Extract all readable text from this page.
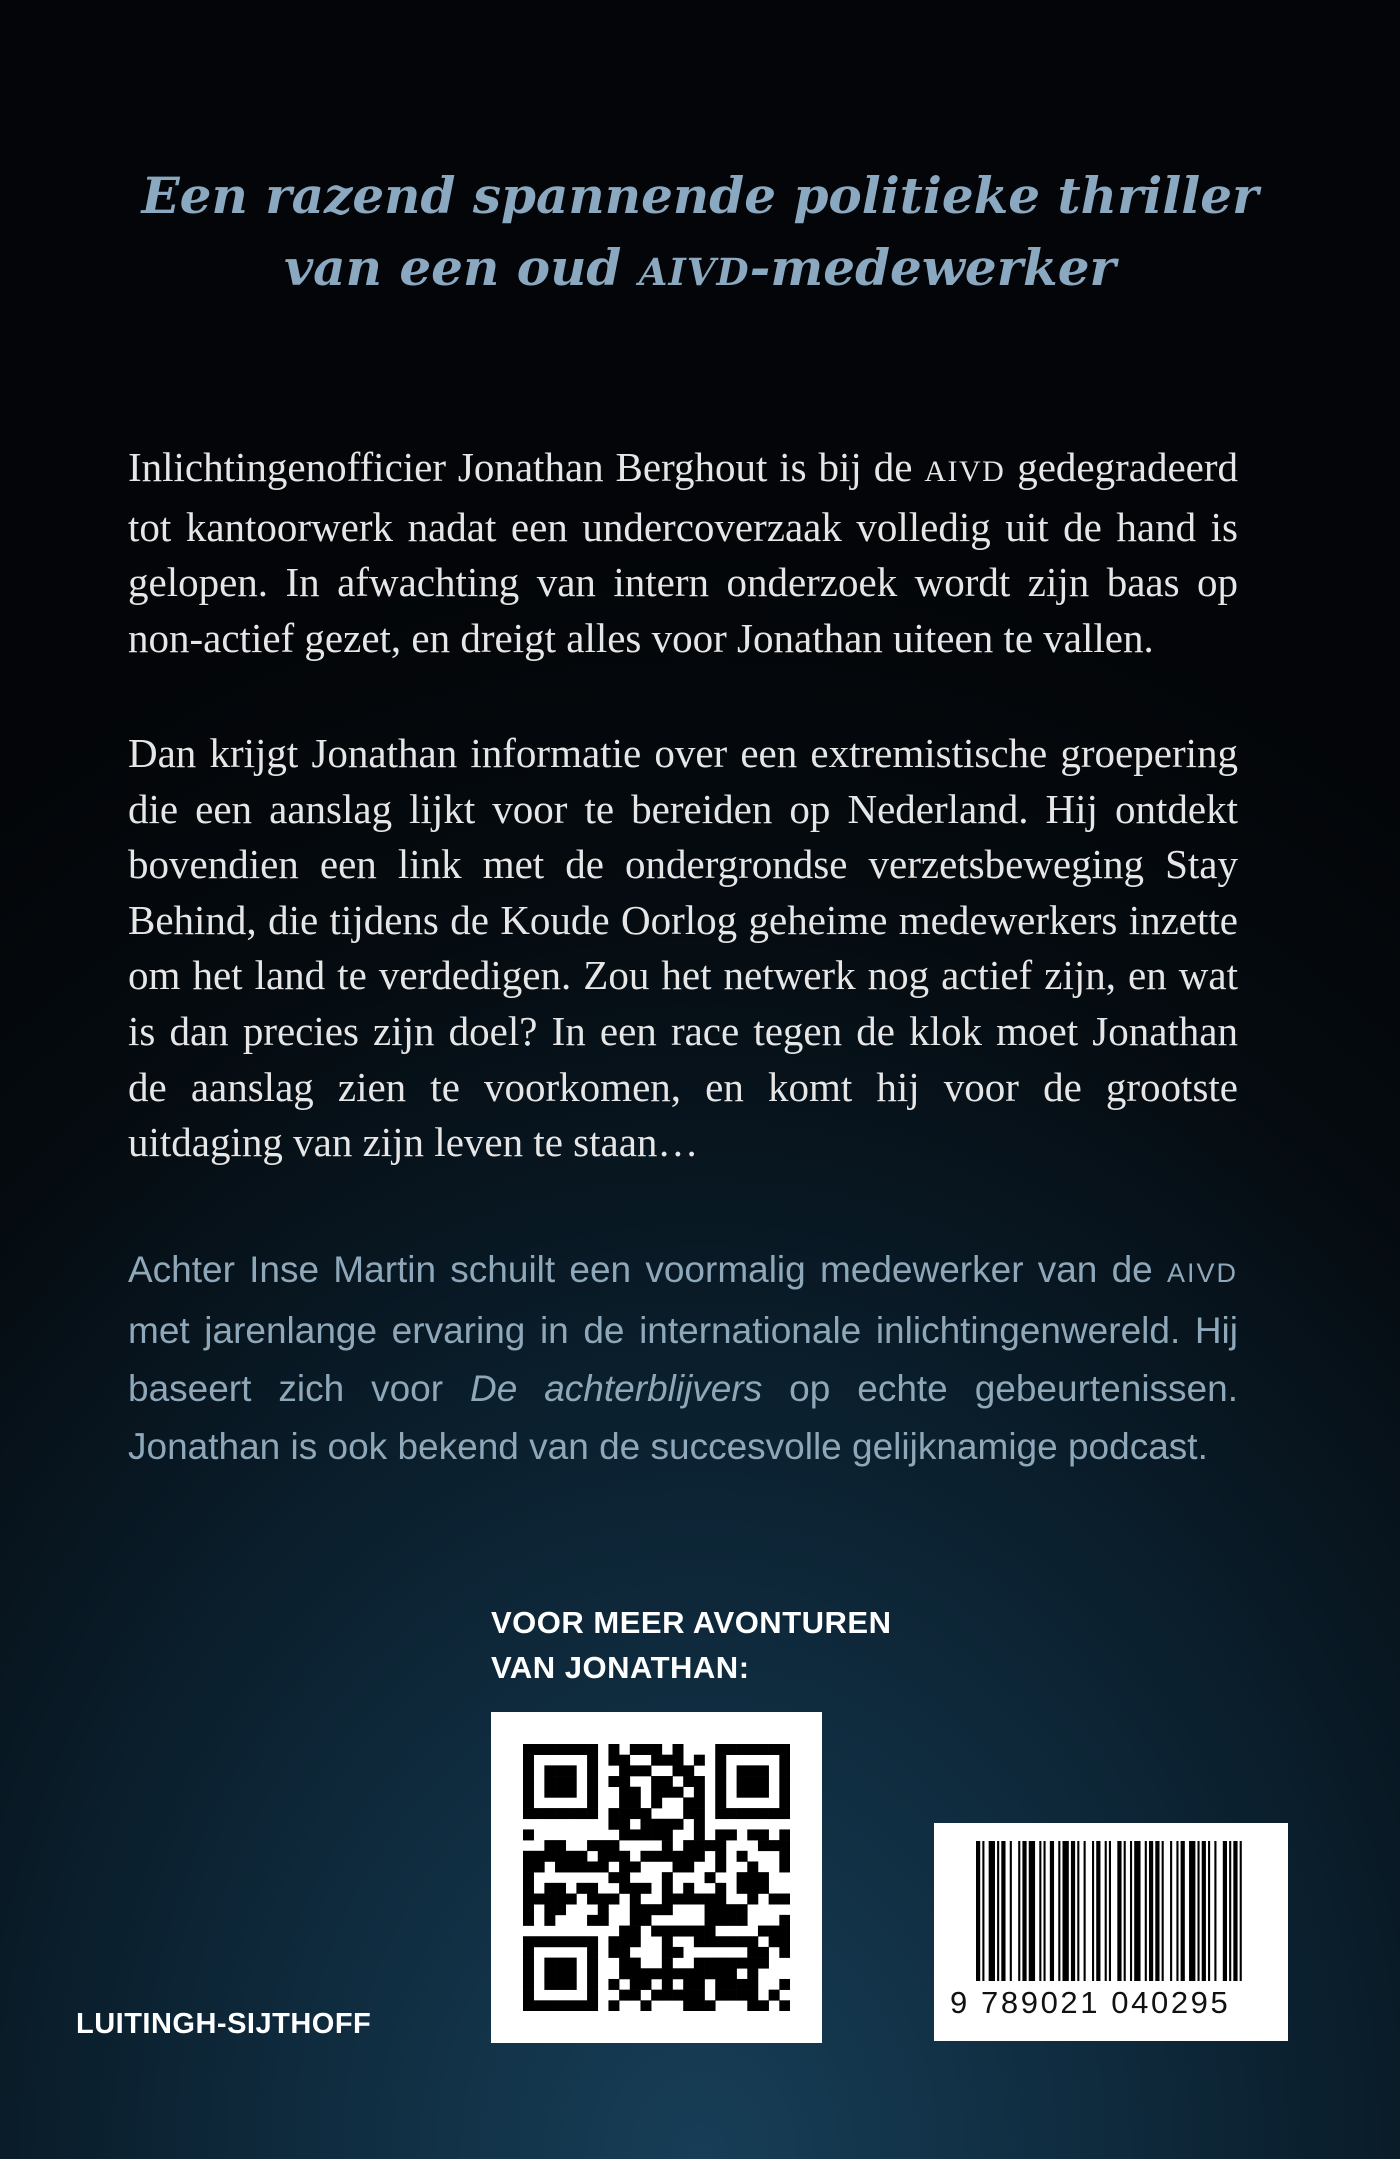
Een razend spannende politieke thriller
van een oud AIVD-medewerker

Inlichtingenofficier Jonathan Berghout is bij de AIVD gedegradeerd tot kantoorwerk nadat een undercoverzaak volledig uit de hand is gelopen. In afwachting van intern onderzoek wordt zijn baas op non-actief gezet, en dreigt alles voor Jonathan uiteen te vallen.

Dan krijgt Jonathan informatie over een extremistische groepering die een aanslag lijkt voor te bereiden op Nederland. Hij ontdekt bovendien een link met de ondergrondse verzetsbeweging Stay Behind, die tijdens de Koude Oorlog geheime medewerkers inzette om het land te verdedigen. Zou het netwerk nog actief zijn, en wat is dan precies zijn doel? In een race tegen de klok moet Jonathan de aanslag zien te voorkomen, en komt hij voor de grootste uitdaging van zijn leven te staan…

Achter Inse Martin schuilt een voormalig medewerker van de AIVD met jarenlange ervaring in de internationale inlichtingenwereld. Hij baseert zich voor De achterblijvers op echte gebeurtenissen. Jonathan is ook bekend van de succesvolle gelijknamige podcast.

VOOR MEER AVONTUREN
VAN JONATHAN:
LUITINGH-SIJTHOFF
9 789021 040295
